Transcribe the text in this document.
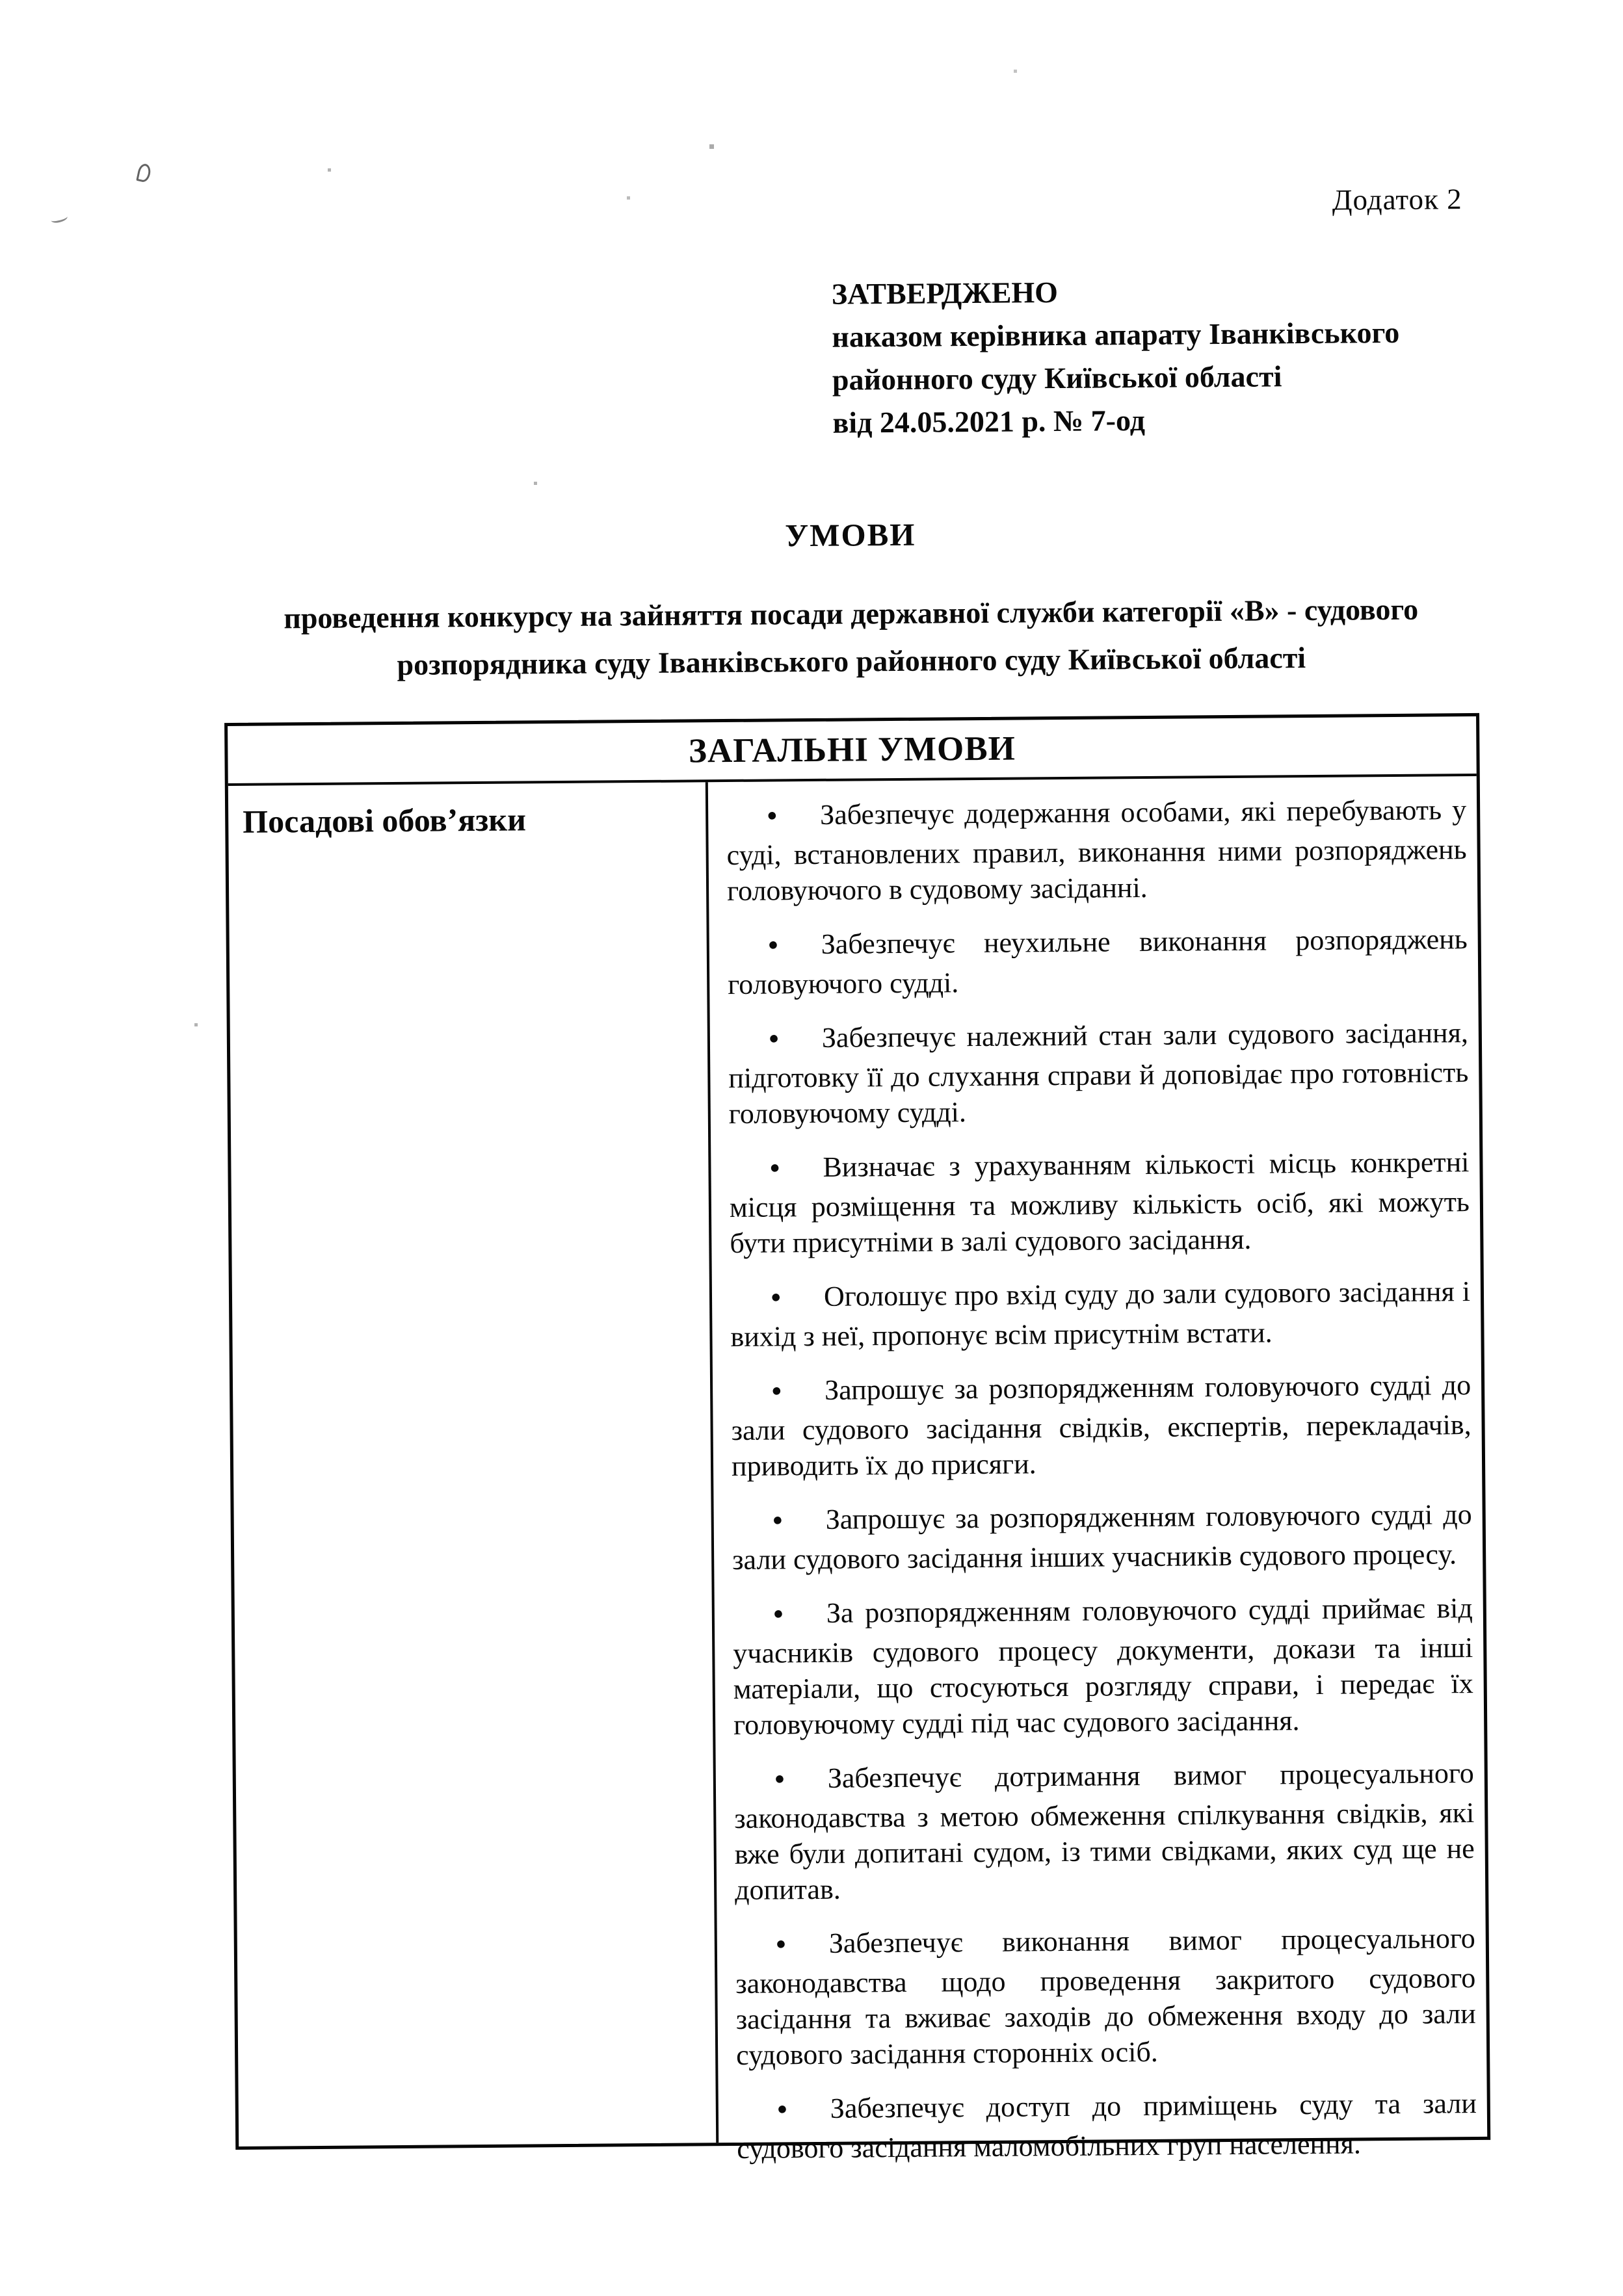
Додаток 2
ЗАТВЕРДЖЕНО
наказом керівника апарату Іванківського
районного суду Київської області
від 24.05.2021 р. № 7-од
УМОВИ
проведення конкурсу на зайняття посади державної служби категорії «В» - судового
розпорядника суду Іванківського районного суду Київської області
ЗАГАЛЬНІ УМОВИ
Посадові обов’язки	● Забезпечує додержання особами, які перебувають у суді, встановлених правил, виконання ними розпоряджень головуючого в судовому засіданні.
● Забезпечує неухильне виконання розпоряджень головуючого судді.
● Забезпечує належний стан зали судового засідання, підготовку її до слухання справи й доповідає про готовність головуючому судді.
● Визначає з урахуванням кількості місць конкретні місця розміщення та можливу кількість осіб, які можуть бути присутніми в залі судового засідання.
● Оголошує про вхід суду до зали судового засідання і вихід з неї, пропонує всім присутнім встати.
● Запрошує за розпорядженням головуючого судді до зали судового засідання свідків, експертів, перекладачів, приводить їх до присяги.
● Запрошує за розпорядженням головуючого судді до зали судового засідання інших учасників судового процесу.
● За розпорядженням головуючого судді приймає від учасників судового процесу документи, докази та інші матеріали, що стосуються розгляду справи, і передає їх головуючому судді під час судового засідання.
● Забезпечує дотримання вимог процесуального законодавства з метою обмеження спілкування свідків, які вже були допитані судом, із тими свідками, яких суд ще не допитав.
● Забезпечує виконання вимог процесуального законодавства щодо проведення закритого судового засідання та вживає заходів до обмеження входу до зали судового засідання сторонніх осіб.
● Забезпечує доступ до приміщень суду та зали судового засідання маломобільних груп населення.
